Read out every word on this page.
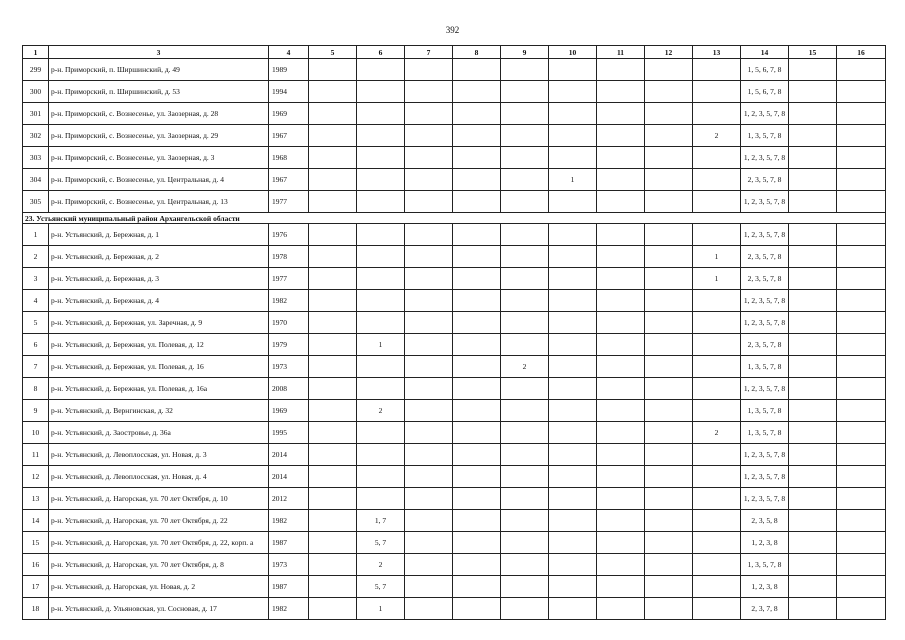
392
1	3	4	5	6	7	8	9	10	11	12	13	14	15	16
299	р-н. Приморский, п. Ширшинский, д. 49	1989										1, 5, 6, 7, 8		
300	р-н. Приморский, п. Ширшинский, д. 53	1994										1, 5, 6, 7, 8		
301	р-н. Приморский, с. Вознесенье, ул. Заозерная, д. 28	1969										1, 2, 3, 5, 7, 8		
302	р-н. Приморский, с. Вознесенье, ул. Заозерная, д. 29	1967									2	1, 3, 5, 7, 8		
303	р-н. Приморский, с. Вознесенье, ул. Заозерная, д. 3	1968										1, 2, 3, 5, 7, 8		
304	р-н. Приморский, с. Вознесенье, ул. Центральная, д. 4	1967						1				2, 3, 5, 7, 8		
305	р-н. Приморский, с. Вознесенье, ул. Центральная, д. 13	1977										1, 2, 3, 5, 7, 8		
23. Устьянский муниципальный район Архангельской области														
1	р-н. Устьянский, д. Бережная, д. 1	1976										1, 2, 3, 5, 7, 8		
2	р-н. Устьянский, д. Бережная, д. 2	1978									1	2, 3, 5, 7, 8		
3	р-н. Устьянский, д. Бережная, д. 3	1977									1	2, 3, 5, 7, 8		
4	р-н. Устьянский, д. Бережная, д. 4	1982										1, 2, 3, 5, 7, 8		
5	р-н. Устьянский, д. Бережная, ул. Заречная, д. 9	1970										1, 2, 3, 5, 7, 8		
6	р-н. Устьянский, д. Бережная, ул. Полевая, д. 12	1979		1								2, 3, 5, 7, 8		
7	р-н. Устьянский, д. Бережная, ул. Полевая, д. 16	1973					2					1, 3, 5, 7, 8		
8	р-н. Устьянский, д. Бережная, ул. Полевая, д. 16а	2008										1, 2, 3, 5, 7, 8		
9	р-н. Устьянский, д. Вернгинская, д. 32	1969		2								1, 3, 5, 7, 8		
10	р-н. Устьянский, д. Заостровье, д. 36а	1995									2	1, 3, 5, 7, 8		
11	р-н. Устьянский, д. Левоплосская, ул. Новая, д. 3	2014										1, 2, 3, 5, 7, 8		
12	р-н. Устьянский, д. Левоплосская, ул. Новая, д. 4	2014										1, 2, 3, 5, 7, 8		
13	р-н. Устьянский, д. Нагорская, ул. 70 лет Октября, д. 10	2012										1, 2, 3, 5, 7, 8		
14	р-н. Устьянский, д. Нагорская, ул. 70 лет Октября, д. 22	1982		1, 7								2, 3, 5, 8		
15	р-н. Устьянский, д. Нагорская, ул. 70 лет Октября, д. 22, корп. а	1987		5, 7								1, 2, 3, 8		
16	р-н. Устьянский, д. Нагорская, ул. 70 лет Октября, д. 8	1973		2								1, 3, 5, 7, 8		
17	р-н. Устьянский, д. Нагорская, ул. Новая, д. 2	1987		5, 7								1, 2, 3, 8		
18	р-н. Устьянский, д. Ульяновская, ул. Сосновая, д. 17	1982		1								2, 3, 7, 8		
